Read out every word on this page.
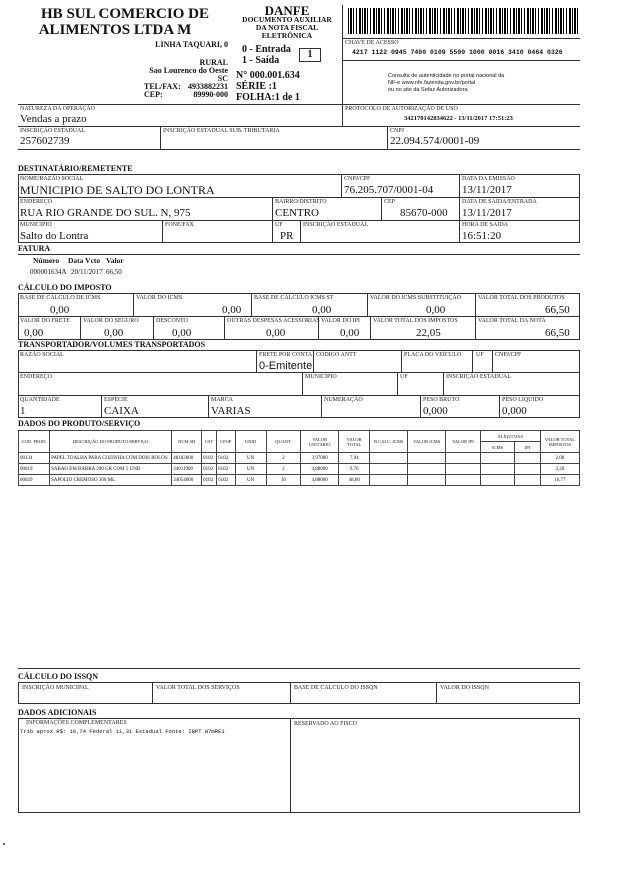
HB SUL COMERCIO DE
ALIMENTOS LTDA M
LINHA TAQUARI, 0
RURAL
Sao Lourenco do Oeste
SC
TEL/FAX: 4933882231
CEP:	89990-000
DANFE
DOCUMENTO AUXILIAR
DA NOTA FISCAL
ELETRÔNICA
0 - Entrada
1 - Saída
1
N° 000.001.634
SÉRIE :1
FOLHA:1 de 1
CHAVE DE ACESSO
4217 1122 0945 7400 0109 5500 1000 0016 3410 0464 0326
Consulta de autenticidade no portal nacional da
NF-e www.nfe.fazenda.gov.br/portal
ou no site da Sefaz Autorizadora
NATUREZA DA OPERAÇÃO
Vendas a prazo
PROTOCOLO DE AUTORIZAÇÃO DE USO
342170142834622 - 13/11/2017 17:51:23
INSCRIÇÃO ESTADUAL
257602739
INSCRIÇÃO ESTADUAL SUB. TRIBUTARIA	CNPJ
22.094.574/0001-09
DESTINATÁRIO/REMETENTE
NOME/RAZÃO SOCIAL
MUNICIPIO DE SALTO DO LONTRA
CNPJ/CPF
76.205.707/0001-04
DATA DA EMISSÃO
13/11/2017
ENDEREÇO
RUA RIO GRANDE DO SUL. N, 975
BAIRRO/DISTRITO
CENTRO
CEP
85670-000
DATA DE SAÍDA/ENTRADA
13/11/2017
MUNICÍPIO
Salto do Lontra
FONE/FAX	UF
PR
INSCRIÇÃO ESTADUAL	HORA DE SAÍDA
16:51:20
FATURA
Número Data Vcto Valor
000001634A 20/11/2017 66,50
CÁLCULO DO IMPOSTO
BASE DE CÁLCULO DE ICMS
0,00
VALOR DO ICMS
0,00
BASE DE CÁLCULO ICMS ST
0,00
VALOR DO ICMS SUBSTITUIÇÃO
0,00
VALOR TOTAL DOS PRODUTOS
66,50
VALOR DO FRETE
0,00
VALOR DO SEGURO
0,00
DESCONTO
0,00
OUTRAS DESPESAS ACESSÓRIAS
0,00
VALOR DO IPI
0,00
VALOR TOTAL DOS IMPOSTOS
22,05
VALOR TOTAL DA NOTA
66,50
TRANSPORTADOR/VOLUMES TRANSPORTADOS
RAZÃO SOCIAL	FRETE POR CONTA
0-Emitente
CÓDIGO ANTT	PLACA DO VEÍCULO UF CNPJ/CPF
ENDEREÇO	MUNICÍPIO	UF	INSCRIÇÃO ESTADUAL
QUANTIDADE
1
ESPÉCIE
CAIXA
MARCA
VARIAS
NUMERAÇÃO	PESO BRUTO
0,000
PESO LIQUIDO
0,000
DADOS DO PRODUTO/SERVIÇO
COD. PROD.	DESCRIÇÃO DO PRODUTO/SERVIÇO	NCM SH	CST	CFOP	UNID	QUANT.	VALOR UNITÁRIO	VALOR TOTAL	B.CALC. ICMS	VALOR ICMS	VALOR IPI	ALÍQUOTAS		VALOR TOTAL IMPOSTOS
												ICMS	IPI	
00134	PAPEL TOALHA PARA COZINHA COM DOIS ROLOS	48182000	0102	6102	UN	2	3,97000	7,94						2,08
00019	SABAO EM BARRA 200 GR COM 5 UND	34011900	0102	6102	UN	2	4,88000	9,76						3,20
00029	SAPOLIO CREMOSO 300 ML	34054000	0102	6102	UN	10	4,88000	48,80						16,77
CÁLCULO DO ISSQN
INSCRIÇÃO MUNICIPAL	VALOR TOTAL DOS SERVIÇOS	BASE DE CALCULO DO ISSQN	VALOR DO ISSQN
DADOS ADICIONAIS
INFORMAÇÕES COMPLEMENTARES
Trib aprox R$: 10,74 Federal 11,31 Estadual Fonte: IBPT W7mRE1
RESERVADO AO FISCO
